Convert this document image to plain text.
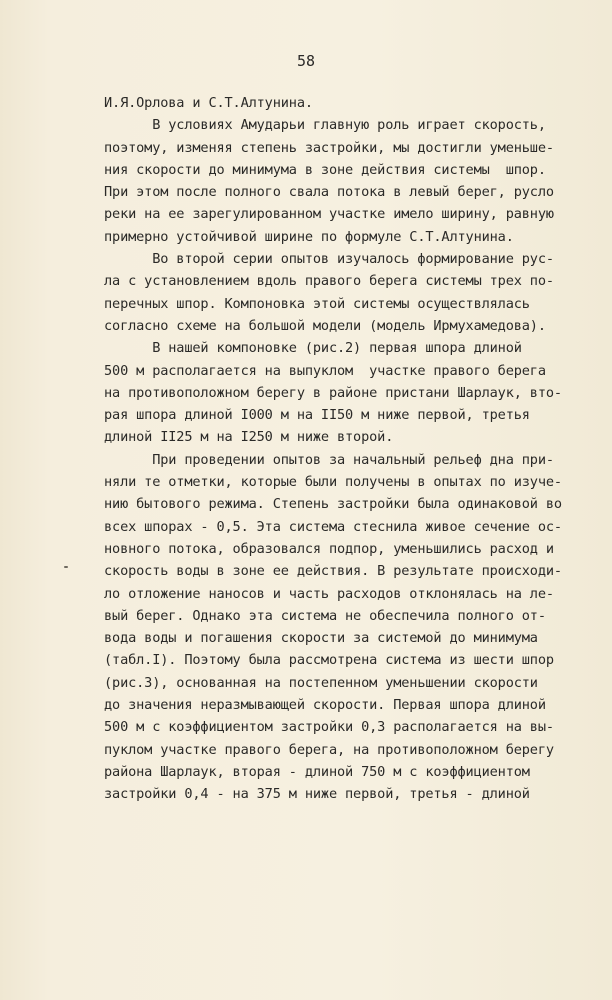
58
И.Я.Орлова и С.Т.Алтунина.
В условиях Амударьи главную роль играет скорость,
поэтому, изменяя степень застройки, мы достигли уменьше-
ния скорости до минимума в зоне действия системы  шпор.
При этом после полного свала потока в левый берег, русло
реки на ее зарегулированном участке имело ширину, равную
примерно устойчивой ширине по формуле С.Т.Алтунина.
Во второй серии опытов изучалось формирование рус-
ла с установлением вдоль правого берега системы трех по-
перечных шпор. Компоновка этой системы осуществлялась
согласно схеме на большой модели (модель Ирмухамедова).
В нашей компоновке (рис.2) первая шпора длиной
500 м располагается на выпуклом  участке правого берега
на противоположном берегу в районе пристани Шарлаук, вто-
рая шпора длиной I000 м на II50 м ниже первой, третья
длиной II25 м на I250 м ниже второй.
При проведении опытов за начальный рельеф дна при-
няли те отметки, которые были получены в опытах по изуче-
нию бытового режима. Степень застройки была одинаковой во
всех шпорах - 0,5. Эта система стеснила живое сечение ос-
новного потока, образовался подпор, уменьшились расход и
скорость воды в зоне ее действия. В результате происходи-
ло отложение наносов и часть расходов отклонялась на ле-
вый берег. Однако эта система не обеспечила полного от-
вода воды и погашения скорости за системой до минимума
(табл.I). Поэтому была рассмотрена система из шести шпор
(рис.3), основанная на постепенном уменьшении скорости
до значения неразмывающей скорости. Первая шпора длиной
500 м с коэффициентом застройки 0,3 располагается на вы-
пуклом участке правого берега, на противоположном берегу
района Шарлаук, вторая - длиной 750 м с коэффициентом
застройки 0,4 - на 375 м ниже первой, третья - длиной
